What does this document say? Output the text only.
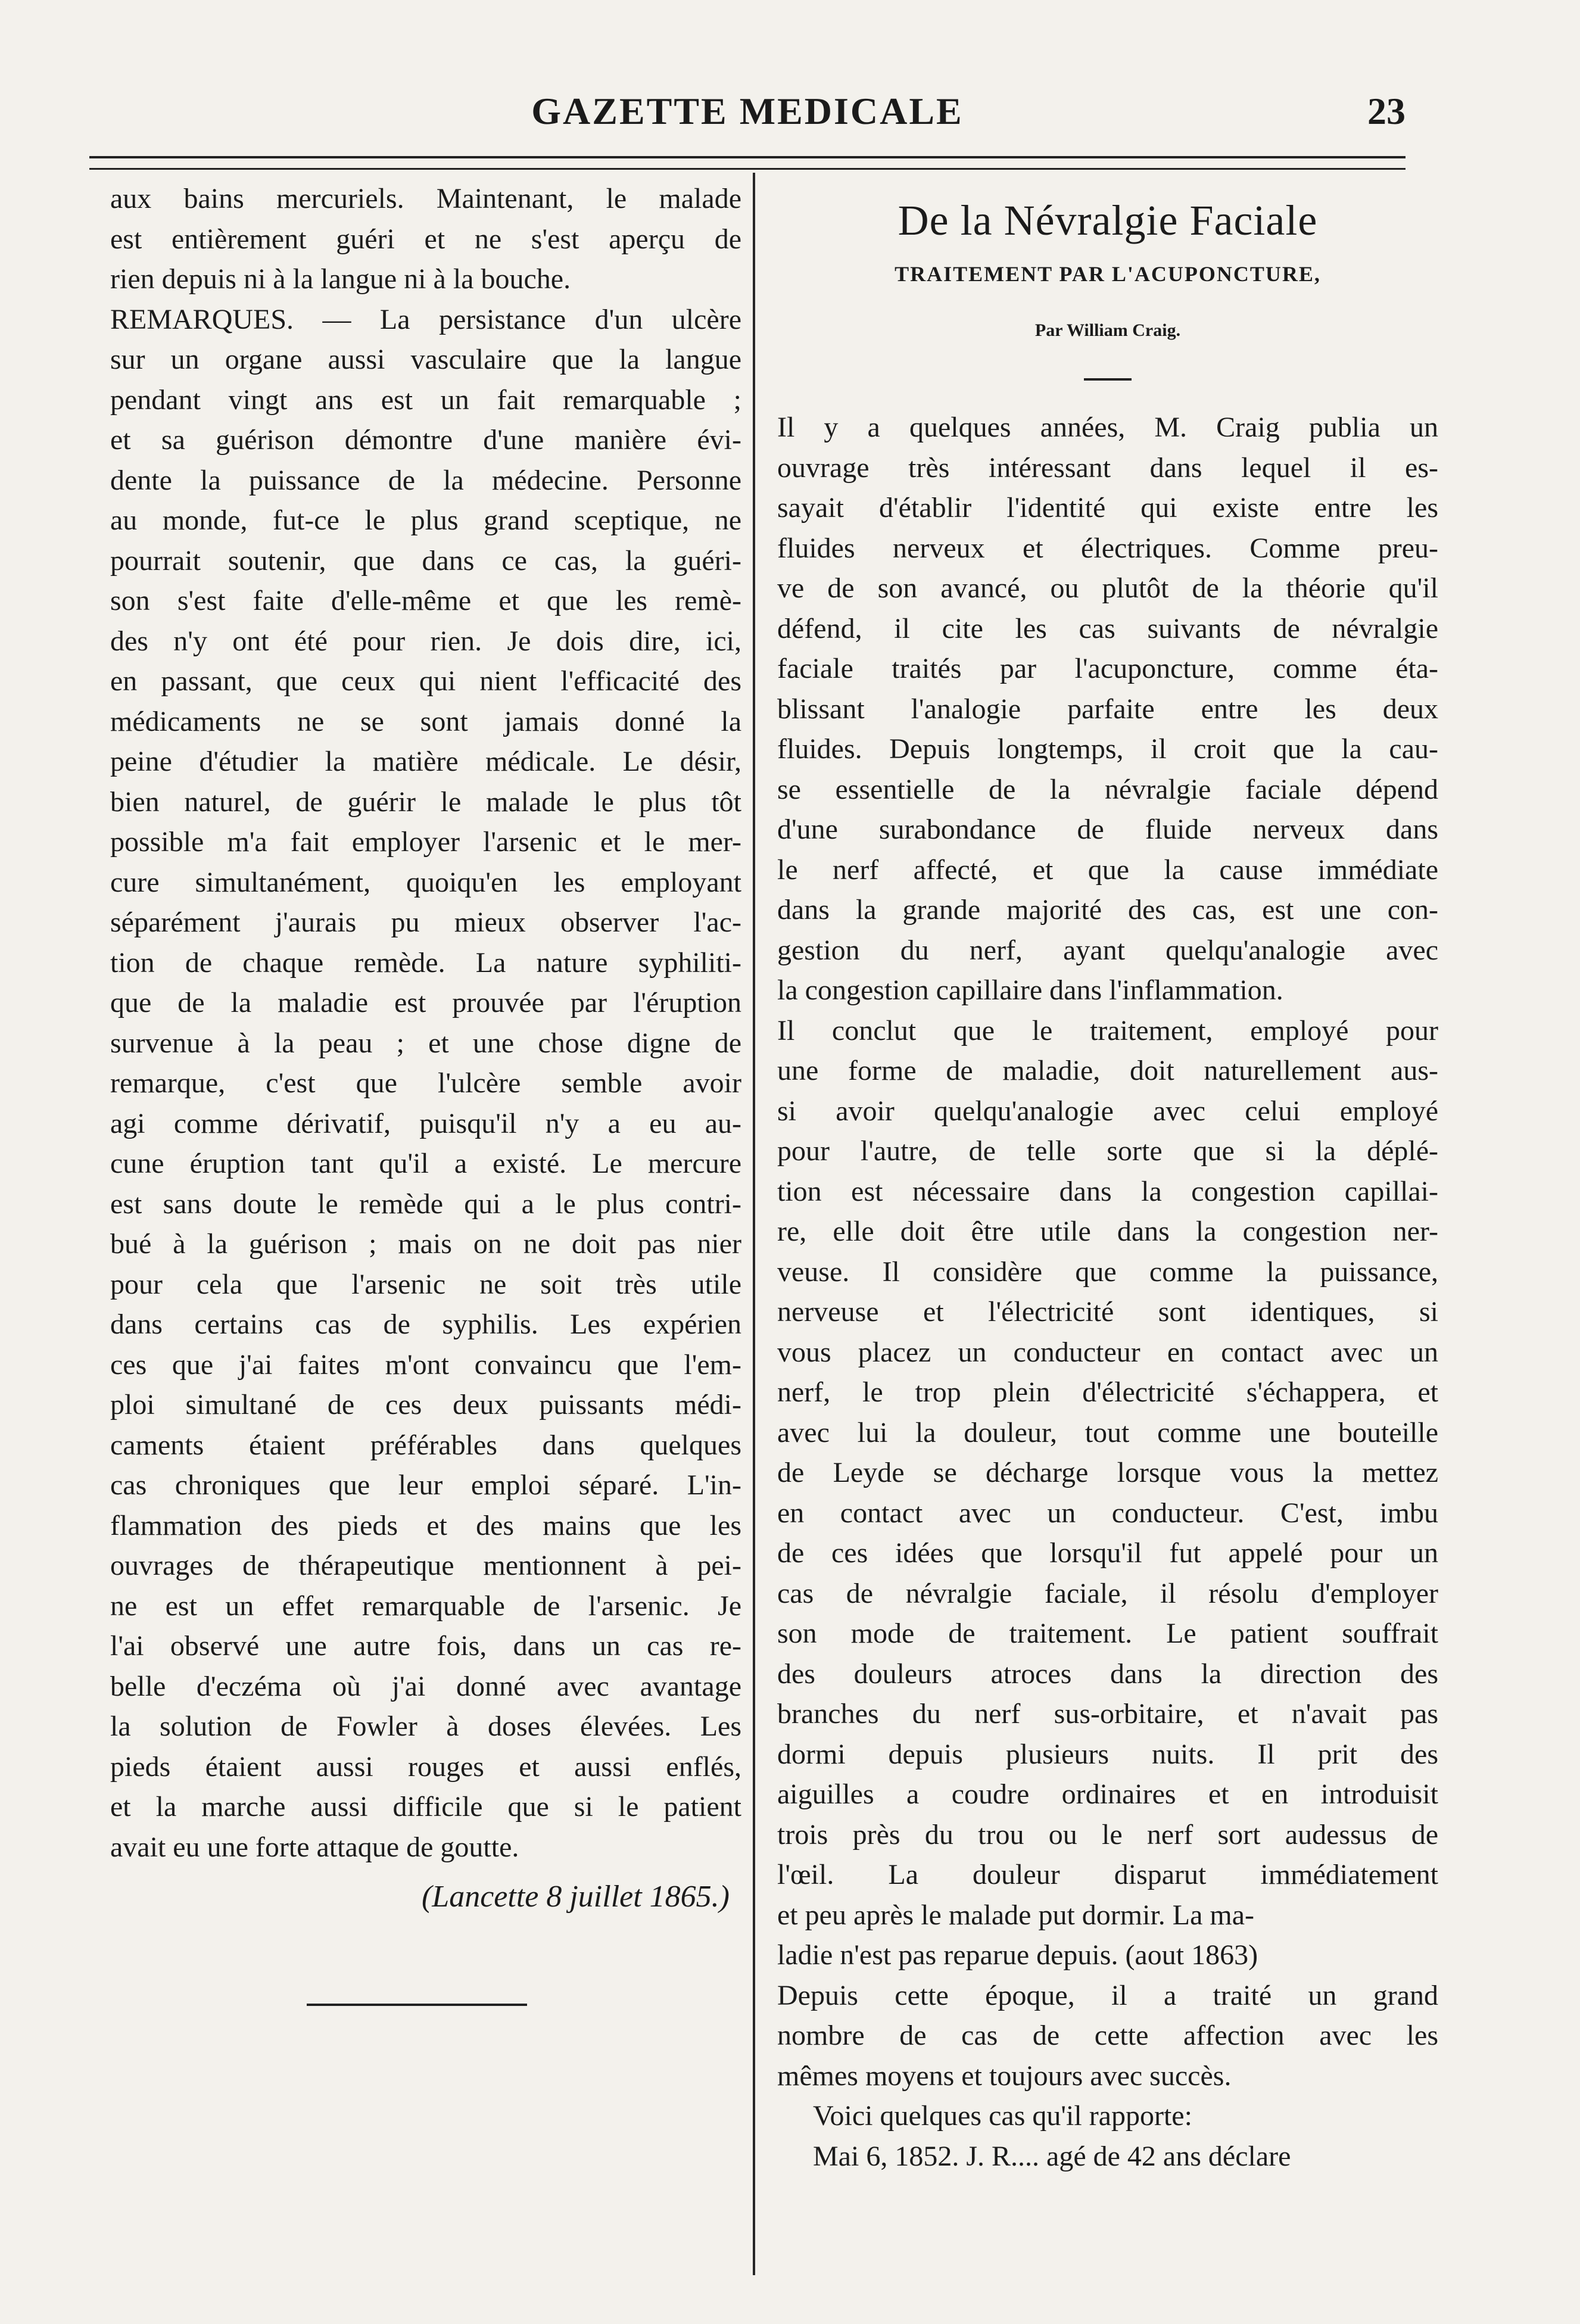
GAZETTE MEDICALE	23
aux bains mercuriels. Maintenant, le malade
est entièrement guéri et ne s'est aperçu de
rien depuis ni à la langue ni à la bouche.
REMARQUES. — La persistance d'un ulcère
sur un organe aussi vasculaire que la langue
pendant vingt ans est un fait remarquable ;
et sa guérison démontre d'une manière évi-
dente la puissance de la médecine. Personne
au monde, fut-ce le plus grand sceptique, ne
pourrait soutenir, que dans ce cas, la guéri-
son s'est faite d'elle-même et que les remè-
des n'y ont été pour rien. Je dois dire, ici,
en passant, que ceux qui nient l'efficacité des
médicaments ne se sont jamais donné la
peine d'étudier la matière médicale. Le désir,
bien naturel, de guérir le malade le plus tôt
possible m'a fait employer l'arsenic et le mer-
cure simultanément, quoiqu'en les employant
séparément j'aurais pu mieux observer l'ac-
tion de chaque remède. La nature syphiliti-
que de la maladie est prouvée par l'éruption
survenue à la peau ; et une chose digne de
remarque, c'est que l'ulcère semble avoir
agi comme dérivatif, puisqu'il n'y a eu au-
cune éruption tant qu'il a existé. Le mercure
est sans doute le remède qui a le plus contri-
bué à la guérison ; mais on ne doit pas nier
pour cela que l'arsenic ne soit très utile
dans certains cas de syphilis. Les expérien
ces que j'ai faites m'ont convaincu que l'em-
ploi simultané de ces deux puissants médi-
caments étaient préférables dans quelques
cas chroniques que leur emploi séparé. L'in-
flammation des pieds et des mains que les
ouvrages de thérapeutique mentionnent à pei-
ne est un effet remarquable de l'arsenic. Je
l'ai observé une autre fois, dans un cas re-
belle d'eczéma où j'ai donné avec avantage
la solution de Fowler à doses élevées. Les
pieds étaient aussi rouges et aussi enflés,
et la marche aussi difficile que si le patient
avait eu une forte attaque de goutte.
(Lancette 8 juillet 1865.)
De la Névralgie Faciale
TRAITEMENT PAR L'ACUPONCTURE,
Par William Craig.
Il y a quelques années, M. Craig publia un
ouvrage très intéressant dans lequel il es-
sayait d'établir l'identité qui existe entre les
fluides nerveux et électriques. Comme preu-
ve de son avancé, ou plutôt de la théorie qu'il
défend, il cite les cas suivants de névralgie
faciale traités par l'acuponcture, comme éta-
blissant l'analogie parfaite entre les deux
fluides. Depuis longtemps, il croit que la cau-
se essentielle de la névralgie faciale dépend
d'une surabondance de fluide nerveux dans
le nerf affecté, et que la cause immédiate
dans la grande majorité des cas, est une con-
gestion du nerf, ayant quelqu'analogie avec
la congestion capillaire dans l'inflammation.
Il conclut que le traitement, employé pour
une forme de maladie, doit naturellement aus-
si avoir quelqu'analogie avec celui employé
pour l'autre, de telle sorte que si la déplé-
tion est nécessaire dans la congestion capillai-
re, elle doit être utile dans la congestion ner-
veuse. Il considère que comme la puissance,
nerveuse et l'électricité sont identiques, si
vous placez un conducteur en contact avec un
nerf, le trop plein d'électricité s'échappera, et
avec lui la douleur, tout comme une bouteille
de Leyde se décharge lorsque vous la mettez
en contact avec un conducteur. C'est, imbu
de ces idées que lorsqu'il fut appelé pour un
cas de névralgie faciale, il résolu d'employer
son mode de traitement. Le patient souffrait
des douleurs atroces dans la direction des
branches du nerf sus-orbitaire, et n'avait pas
dormi depuis plusieurs nuits. Il prit des
aiguilles a coudre ordinaires et en introduisit
trois près du trou ou le nerf sort audessus de
l'œil. La douleur disparut immédiatement
et peu après le malade put dormir. La ma-
ladie n'est pas reparue depuis. (aout 1863)
Depuis cette époque, il a traité un grand
nombre de cas de cette affection avec les
mêmes moyens et toujours avec succès.
Voici quelques cas qu'il rapporte:
Mai 6, 1852. J. R.... agé de 42 ans déclare
